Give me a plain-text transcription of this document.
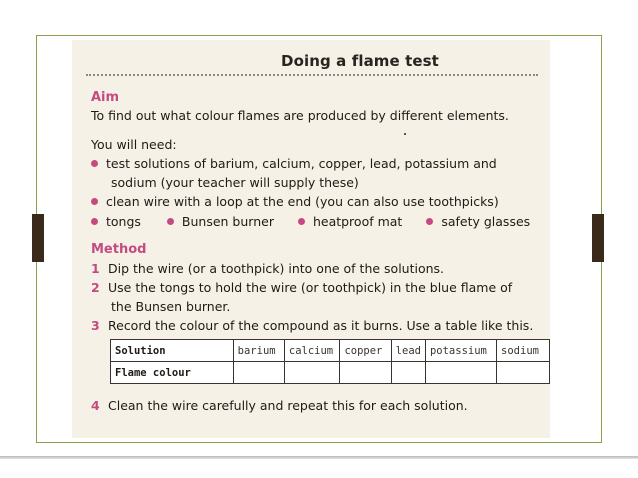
Doing a flame test
Aim
To find out what colour flames are produced by different elements.
You will need:
test solutions of barium, calcium, copper, lead, potassium and
sodium (your teacher will supply these)
clean wire with a loop at the end (you can also use toothpicks)
tongs	Bunsen burner	heatproof mat	safety glasses
Method
1 Dip the wire (or a toothpick) into one of the solutions.
2 Use the tongs to hold the wire (or toothpick) in the blue flame of
the Bunsen burner.
3 Record the colour of the compound as it burns. Use a table like this.
Solution	barium	calcium	copper	lead	potassium	sodium
Flame colour						
4 Clean the wire carefully and repeat this for each solution.
